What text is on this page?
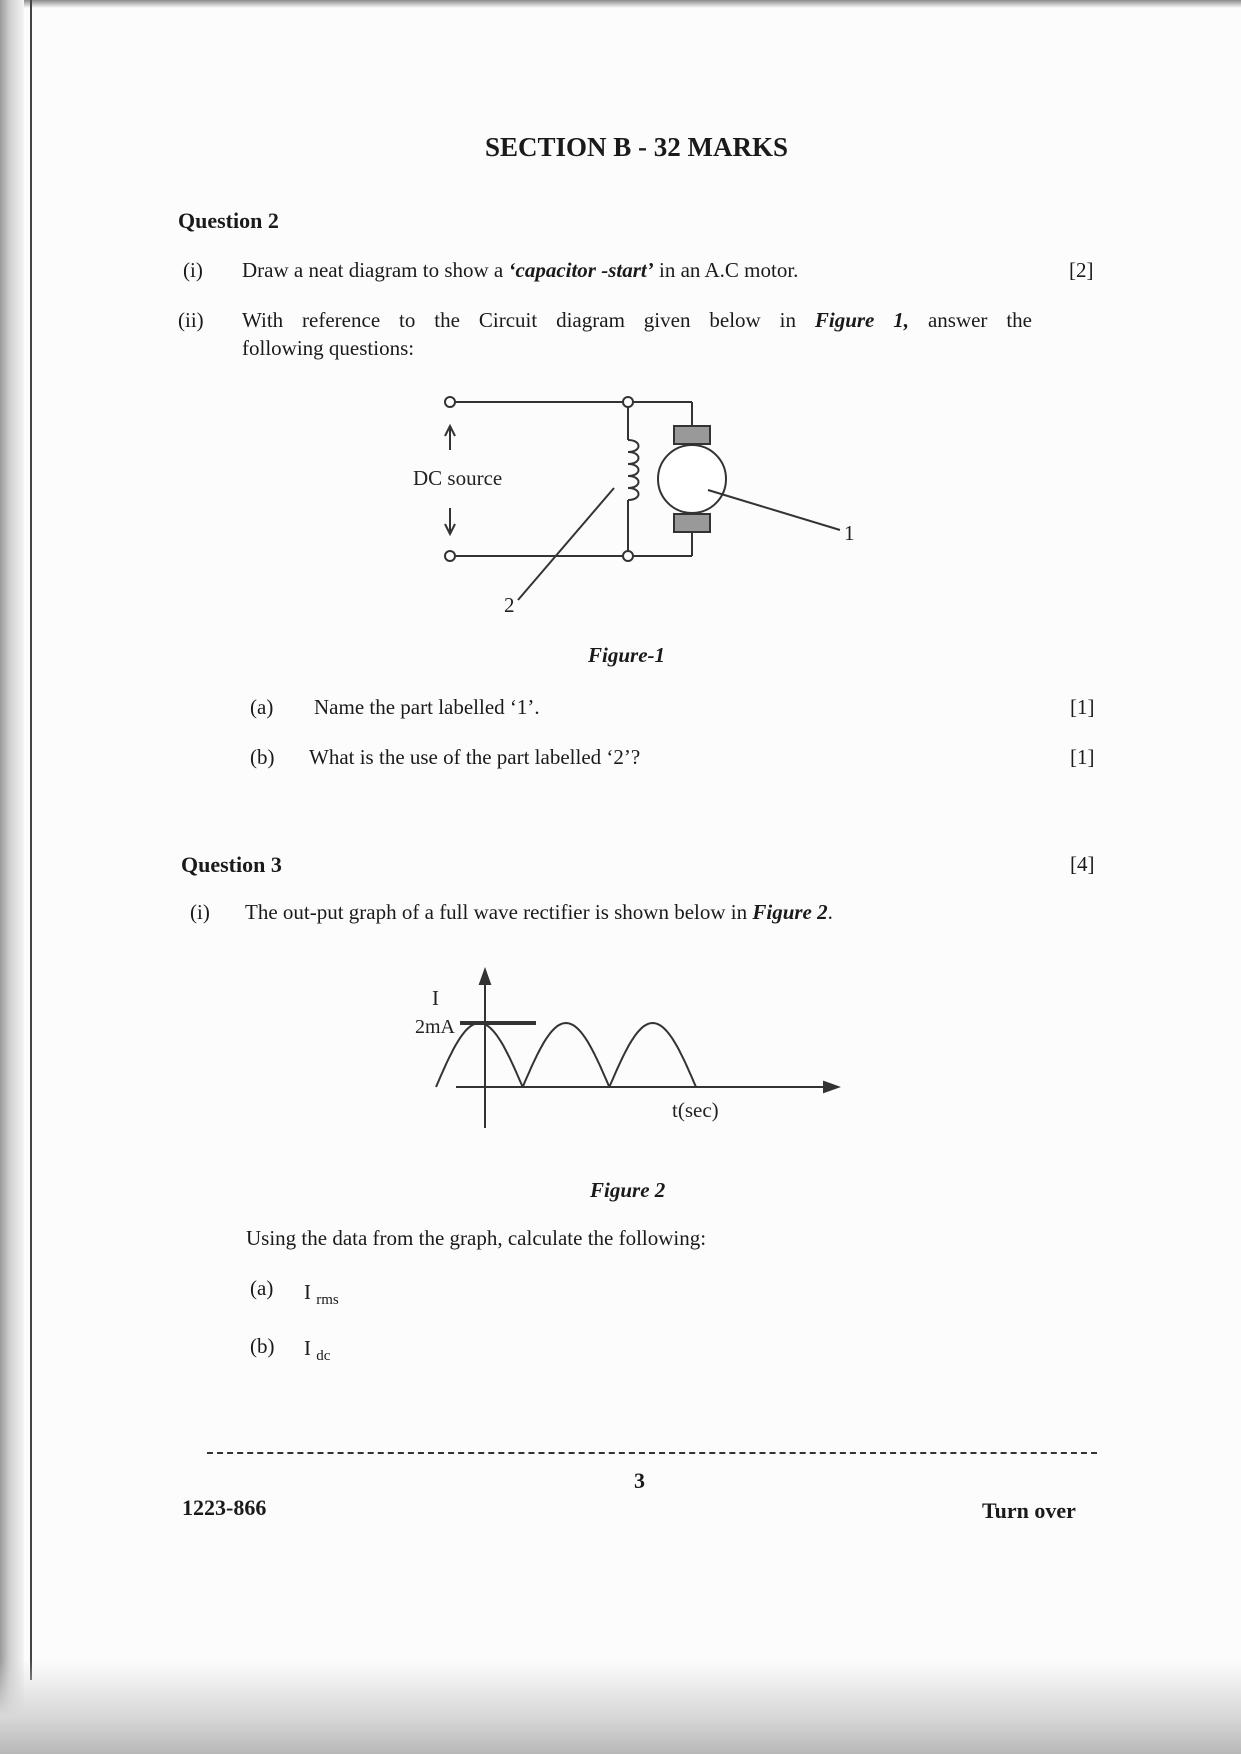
SECTION B - 32 MARKS
Question 2
(i) Draw a neat diagram to show a ‘capacitor -start’ in an A.C motor.	[2]
(ii) With reference to the Circuit diagram given below in Figure 1, answer the
following questions:
DC source
1
2
Figure-1
(a) Name the part labelled ‘1’.	[1]
(b) What is the use of the part labelled ‘2’?	[1]
Question 3	[4]
(i) The out-put graph of a full wave rectifier is shown below in Figure 2.
I
2mA
t(sec)
Figure 2
Using the data from the graph, calculate the following:
(a) I $_{rms}$
(b) I $_{dc}$
3
1223-866	Turn over
